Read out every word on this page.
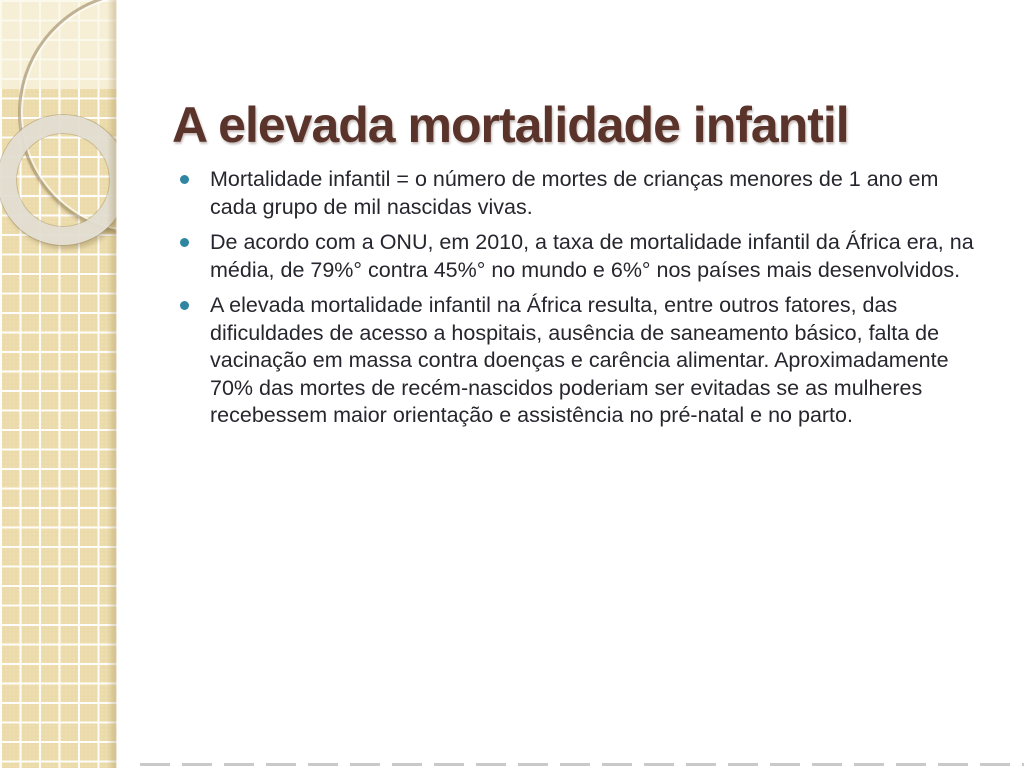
A elevada mortalidade infantil
Mortalidade infantil = o número de mortes de crianças menores de 1 ano em cada grupo de mil nascidas vivas.
De acordo com a ONU, em 2010, a taxa de mortalidade infantil da África era, na média, de 79%° contra 45%° no mundo e 6%° nos países mais desenvolvidos.
A elevada mortalidade infantil na África resulta, entre outros fatores, das dificuldades de acesso a hospitais, ausência de saneamento básico, falta de vacinação em massa contra doenças e carência alimentar. Aproximadamente 70% das mortes de recém-nascidos poderiam ser evitadas se as mulheres recebessem maior orientação e assistência no pré-natal e no parto.
